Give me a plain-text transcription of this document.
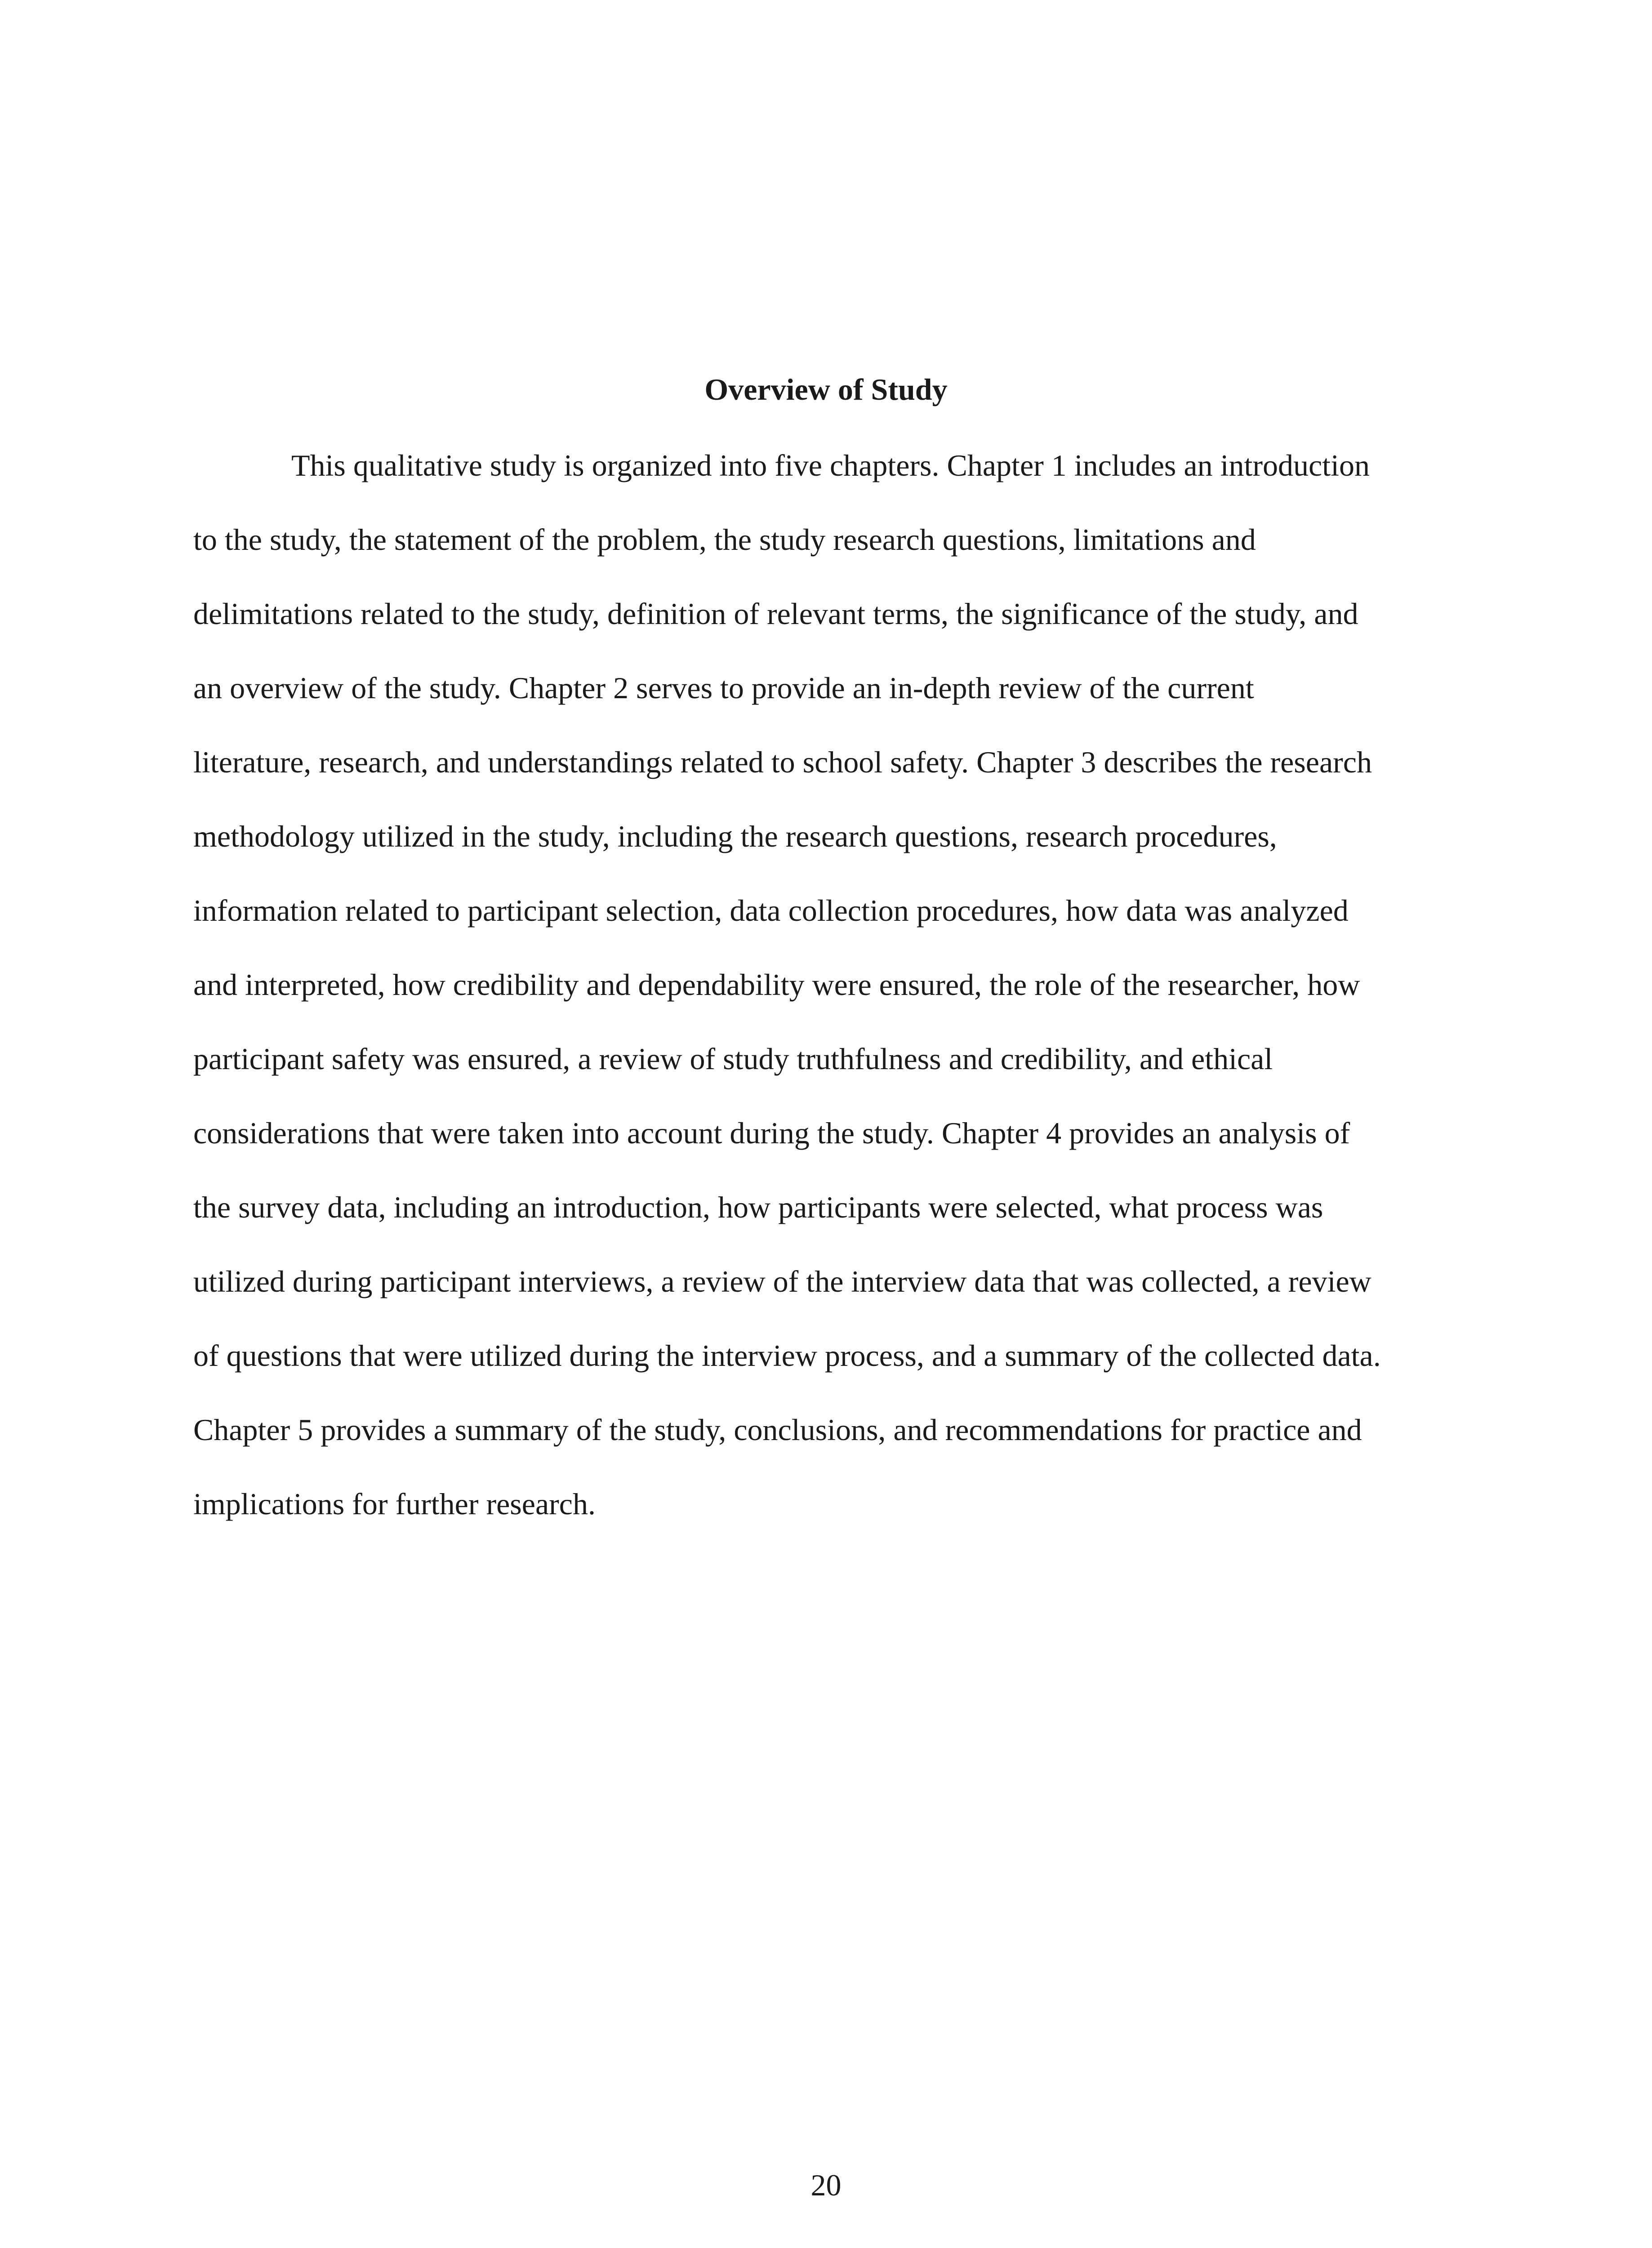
Overview of Study

This qualitative study is organized into five chapters. Chapter 1 includes an introduction
to the study, the statement of the problem, the study research questions, limitations and
delimitations related to the study, definition of relevant terms, the significance of the study, and
an overview of the study. Chapter 2 serves to provide an in-depth review of the current
literature, research, and understandings related to school safety. Chapter 3 describes the research
methodology utilized in the study, including the research questions, research procedures,
information related to participant selection, data collection procedures, how data was analyzed
and interpreted, how credibility and dependability were ensured, the role of the researcher, how
participant safety was ensured, a review of study truthfulness and credibility, and ethical
considerations that were taken into account during the study. Chapter 4 provides an analysis of
the survey data, including an introduction, how participants were selected, what process was
utilized during participant interviews, a review of the interview data that was collected, a review
of questions that were utilized during the interview process, and a summary of the collected data.
Chapter 5 provides a summary of the study, conclusions, and recommendations for practice and
implications for further research.

20
